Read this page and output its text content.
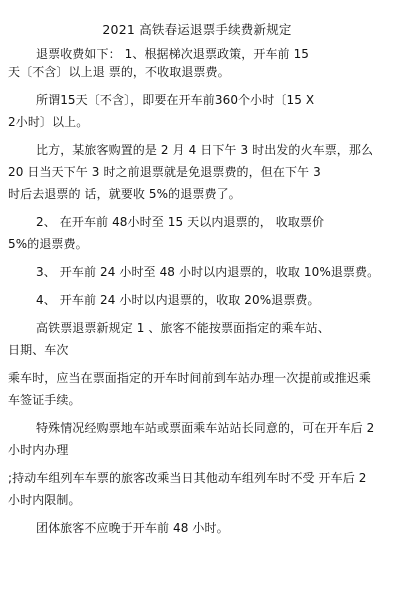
2021 高铁春运退票手续费新规定
退票收费如下： 1、根据梯次退票政策，开车前 15
天〔不含〕以上退 票的，不收取退票费。
所谓15天〔不含〕，即要在开车前360个小时〔15 X
2小时〕以上。
比方，某旅客购置的是 2 月 4 日下午 3 时出发的火车票，那么
20 日当天下午 3 时之前退票就是免退票费的，但在下午 3
时后去退票的 话，就要收 5%的退票费了。
2、 在开车前 48小时至 15 天以内退票的， 收取票价
5%的退票费。
3、 开车前 24 小时至 48 小时以内退票的，收取 10%退票费。
4、 开车前 24 小时以内退票的，收取 20%退票费。
高铁票退票新规定 1 、旅客不能按票面指定的乘车站、
日期、车次
乘车时，应当在票面指定的开车时间前到车站办理一次提前或推迟乘
车签证手续。
特殊情况经购票地车站或票面乘车站站长同意的，可在开车后 2
小时内办理
;持动车组列车车票的旅客改乘当日其他动车组列车时不受 开车后 2
小时内限制。
团体旅客不应晚于开车前 48 小时。
